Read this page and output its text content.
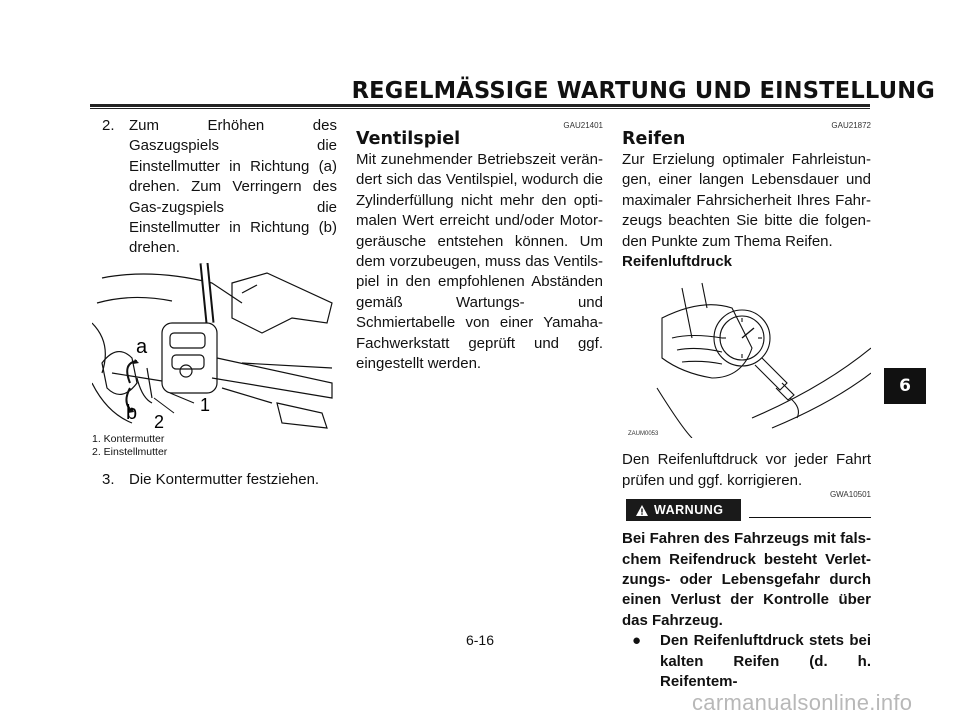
REGELMÄSSIGE WARTUNG UND EINSTELLUNG
2. Zum Erhöhen des Gaszugspiels die Einstellmutter in Richtung (a) drehen. Zum Verringern des Gas-zugspiels die Einstellmutter in Richtung (b) drehen.
a
b	1
2
1. Kontermutter
2. Einstellmutter
3. Die Kontermutter festziehen.
GAU21401
Ventilspiel
Mit zunehmender Betriebszeit verän-dert sich das Ventilspiel, wodurch die Zylinderfüllung nicht mehr den opti-malen Wert erreicht und/oder Motor-geräusche entstehen können. Um dem vorzubeugen, muss das Ventils-piel in den empfohlenen Abständen gemäß Wartungs- und Schmiertabelle von einer Yamaha-Fachwerkstatt geprüft und ggf. eingestellt werden.
GAU21872
Reifen
Zur Erzielung optimaler Fahrleistun-gen, einer langen Lebensdauer und maximaler Fahrsicherheit Ihres Fahr-zeugs beachten Sie bitte die folgen-den Punkte zum Thema Reifen.
Reifenluftdruck
ZAUM0053
Den Reifenluftdruck vor jeder Fahrt prüfen und ggf. korrigieren.
GWA10501
WARNUNG
Bei Fahren des Fahrzeugs mit fals-chem Reifendruck besteht Verlet-zungs- oder Lebensgefahr durch einen Verlust der Kontrolle über das Fahrzeug.
●	Den Reifenluftdruck stets bei kalten Reifen (d. h. Reifentem-
6
6-16
carmanualsonline.info
